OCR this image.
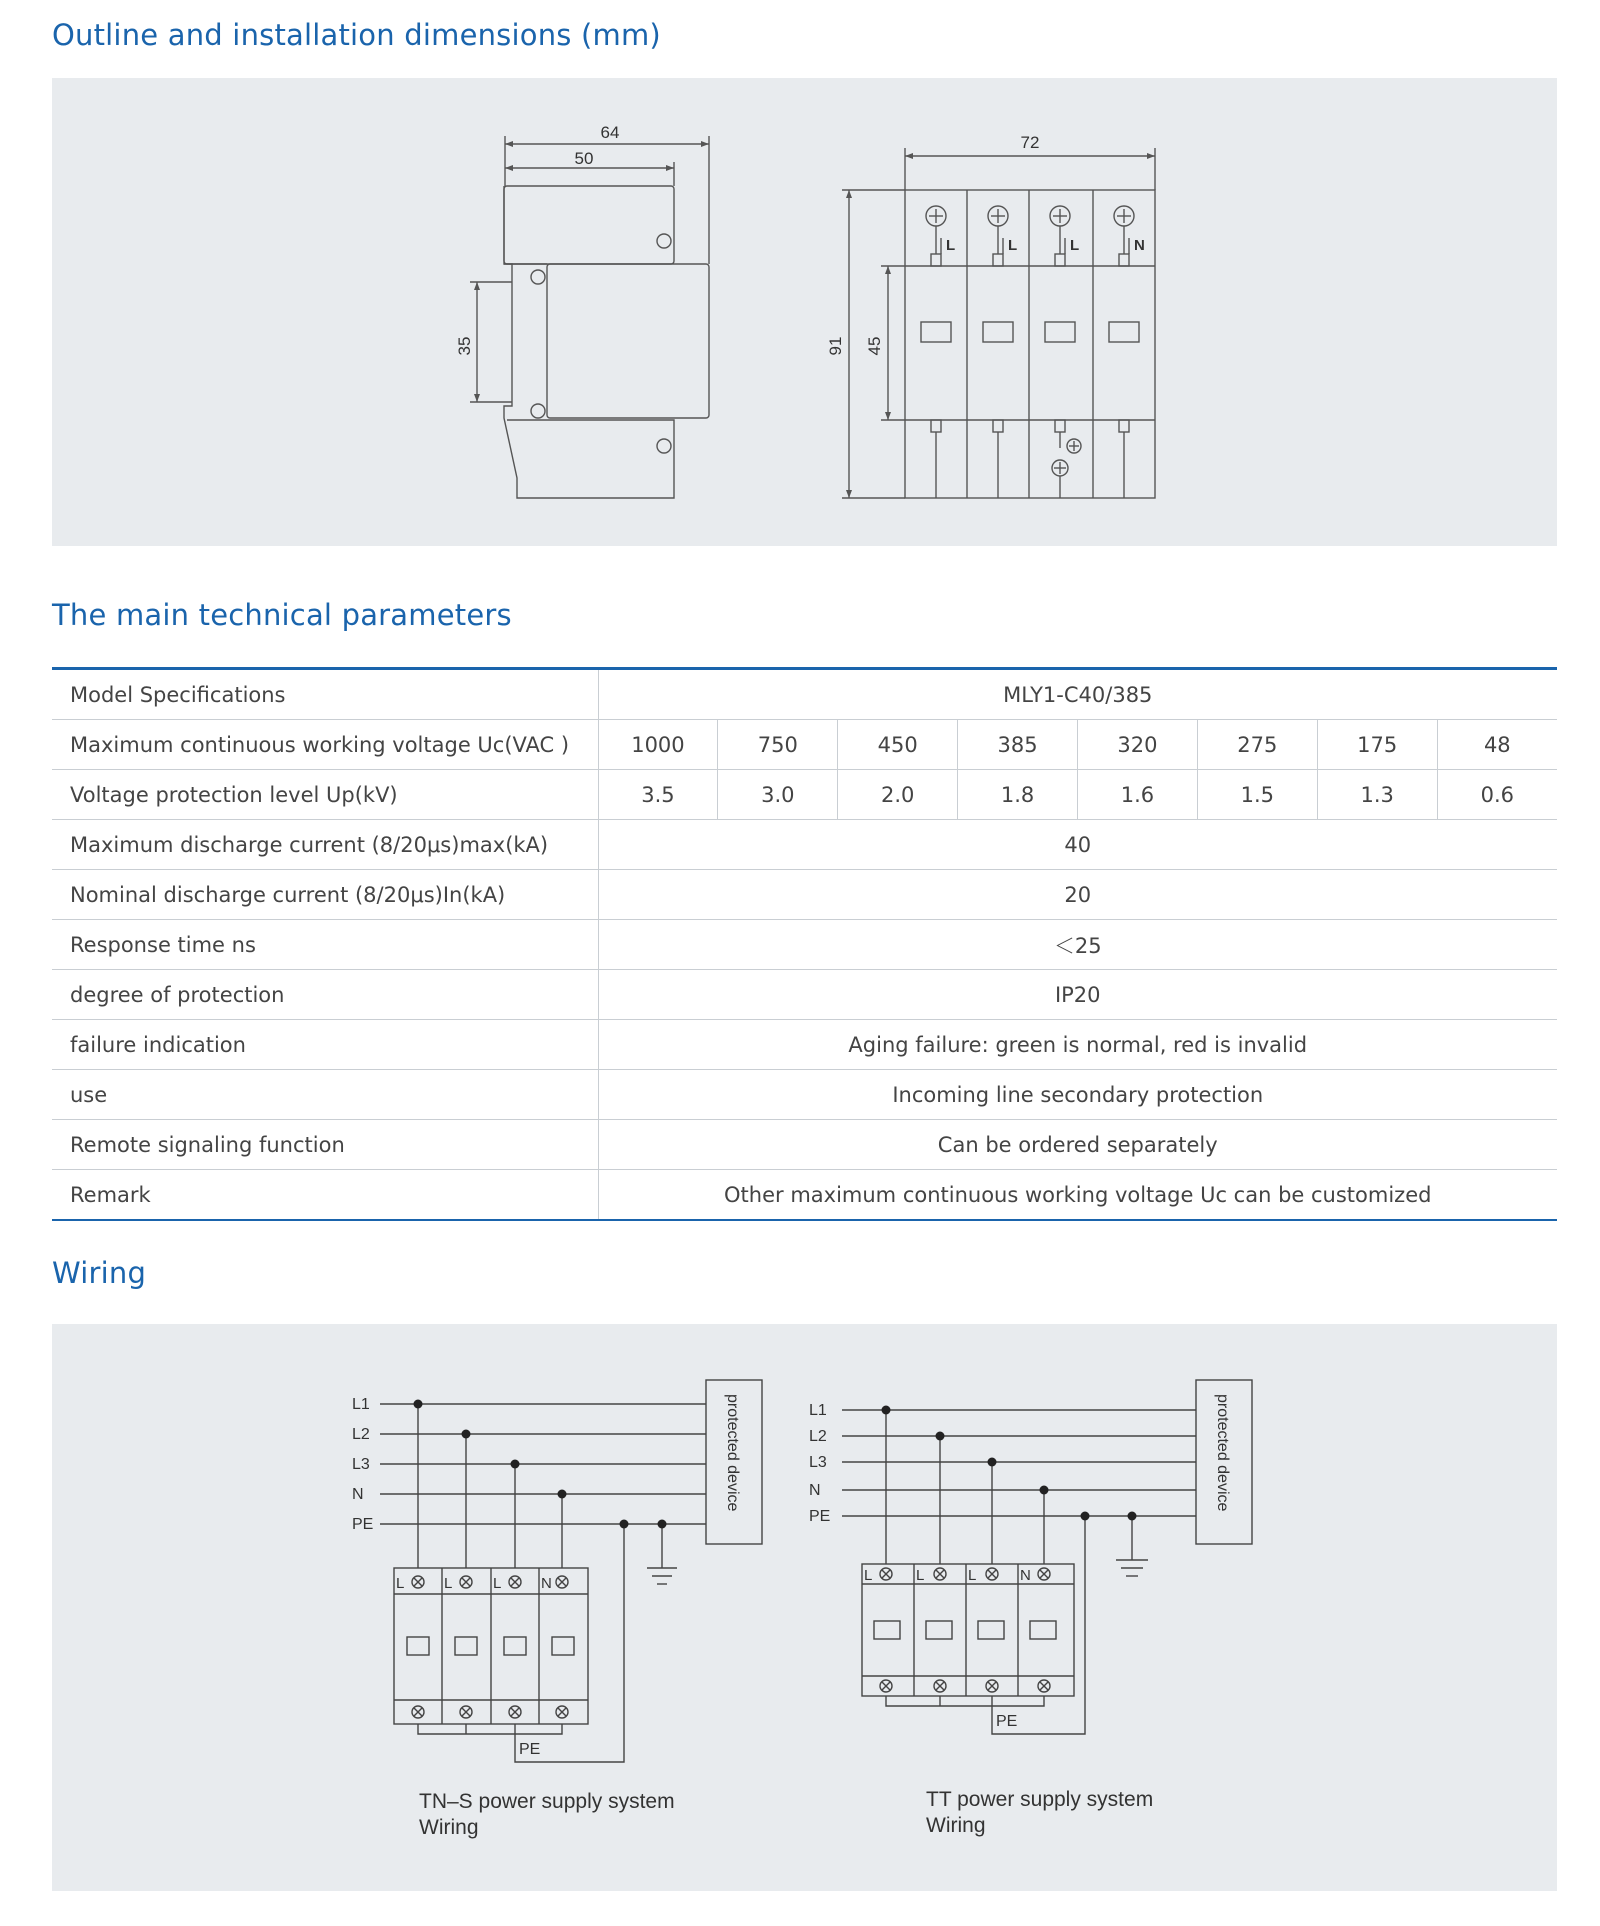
Outline and installation dimensions (mm)
64
50
35
72
91 45
L	L	L	N
The main technical parameters
Model Specifications	MLY1-C40/385							
Maximum continuous working voltage Uc(VAC )	1000	750	450	385	320	275	175	48
Voltage protection level Up(kV)	3.5	3.0	2.0	1.8	1.6	1.5	1.3	0.6
Maximum discharge current (8/20μs)max(kA)	40							
Nominal discharge current (8/20μs)In(kA)	20							
Response time ns	＜25							
degree of protection	IP20							
failure indication	Aging failure: green is normal, red is invalid							
use	Incoming line secondary protection							
Remote signaling function	Can be ordered separately							
Remark	Other maximum continuous working voltage Uc can be customized							
Wiring
L1
L2
L3
N
PE
protected device
L	L	L	N
PE
TN–S power supply system
Wiring
L1
L2
L3
N
PE
protected device
L	L	L	N
PE
TT power supply system
Wiring
